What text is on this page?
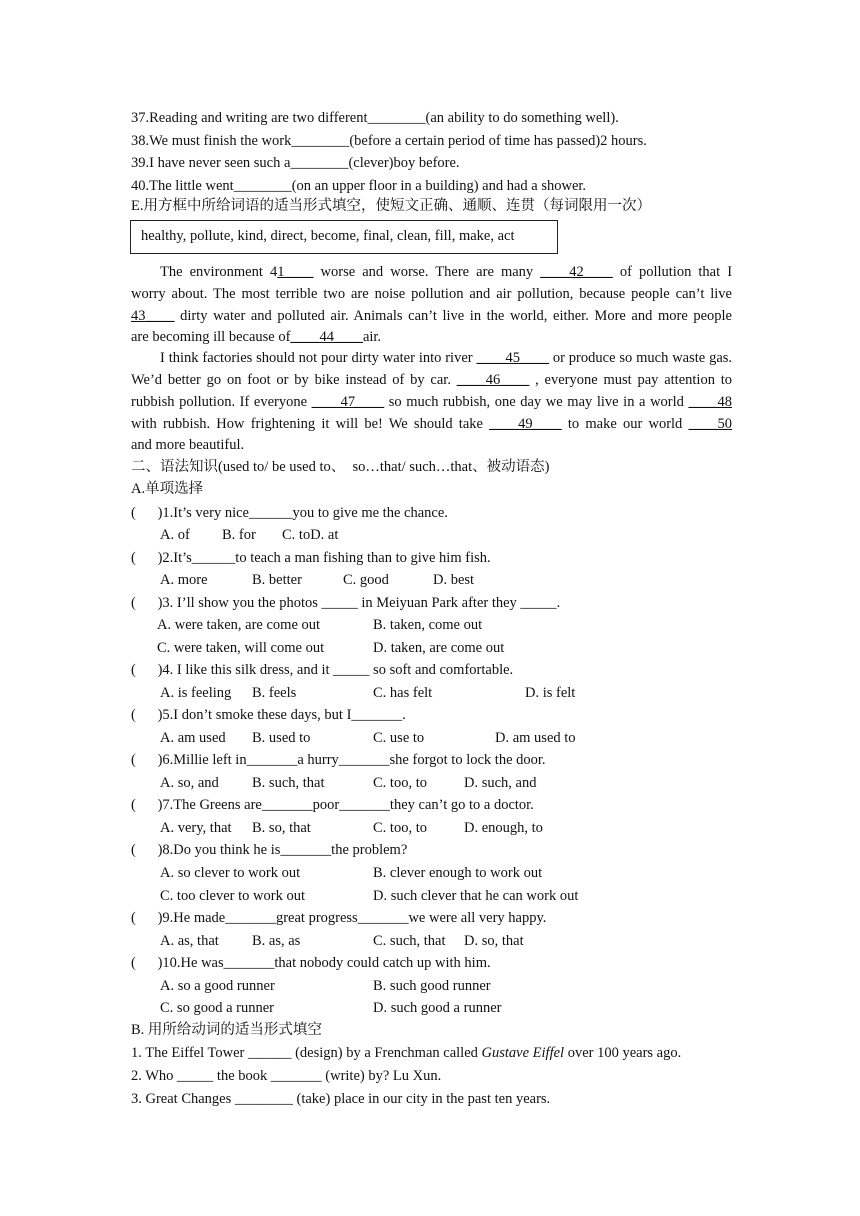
37.Reading and writing are two different________(an ability to do something well).
38.We must finish the work________(before a certain period of time has passed)2 hours.
39.I have never seen such a________(clever)boy before.
40.The little went________(on an upper floor in a building) and had a shower.
E.用方框中所给词语的适当形式填空，使短文正确、通顺、连贯（每词限用一次）
healthy, pollute, kind, direct, become, final, clean, fill, make, act
The environment 41____ worse and worse. There are many ____42____ of pollution that I
worry about. The most terrible two are noise pollution and air pollution, because people can’t live
43____ dirty water and polluted air. Animals can’t live in the world, either. More and more people
are becoming ill because of____44____air.
I think factories should not pour dirty water into river ____45____ or produce so much waste gas.
We’d better go on foot or by bike instead of by car. ____46____ , everyone must pay attention to
rubbish pollution. If everyone ____47____ so much rubbish, one day we may live in a world ____48
with rubbish. How frightening it will be! We should take ____49____ to make our world ____50
and more beautiful.
二、语法知识(used to/ be used to、  so…that/ such…that、被动语态)
A.单项选择
(      )1.It’s very nice______you to give me the chance.
A. of B. for C. toD. at
(      )2.It’s______to teach a man fishing than to give him fish.
A. more	B. better	C. good	D. best
(      )3. I’ll show you the photos _____ in Meiyuan Park after they _____.
A. were taken, are come out	B. taken, come out
C. were taken, will come out	D. taken, are come out
(      )4. I like this silk dress, and it _____ so soft and comfortable.
A. is feeling B. feels	C. has felt	D. is felt
(      )5.I don’t smoke these days, but I_______.
A. am used B. used to	C. use to	D. am used to
(      )6.Millie left in_______a hurry_______she forgot to lock the door.
A. so, and B. such, that	C. too, to	D. such, and
(      )7.The Greens are_______poor_______they can’t go to a doctor.
A. very, that B. so, that	C. too, to	D. enough, to
(      )8.Do you think he is_______the problem?
A. so clever to work out	B. clever enough to work out
C. too clever to work out	D. such clever that he can work out
(      )9.He made_______great progress_______we were all very happy.
A. as, that B. as, as	C. such, that D. so, that
(      )10.He was_______that nobody could catch up with him.
A. so a good runner	B. such good runner
C. so good a runner	D. such good a runner
B. 用所给动词的适当形式填空
1. The Eiffel Tower ______ (design) by a Frenchman called Gustave Eiffel over 100 years ago.
2. Who _____ the book _______ (write) by? Lu Xun.
3. Great Changes ________ (take) place in our city in the past ten years.
